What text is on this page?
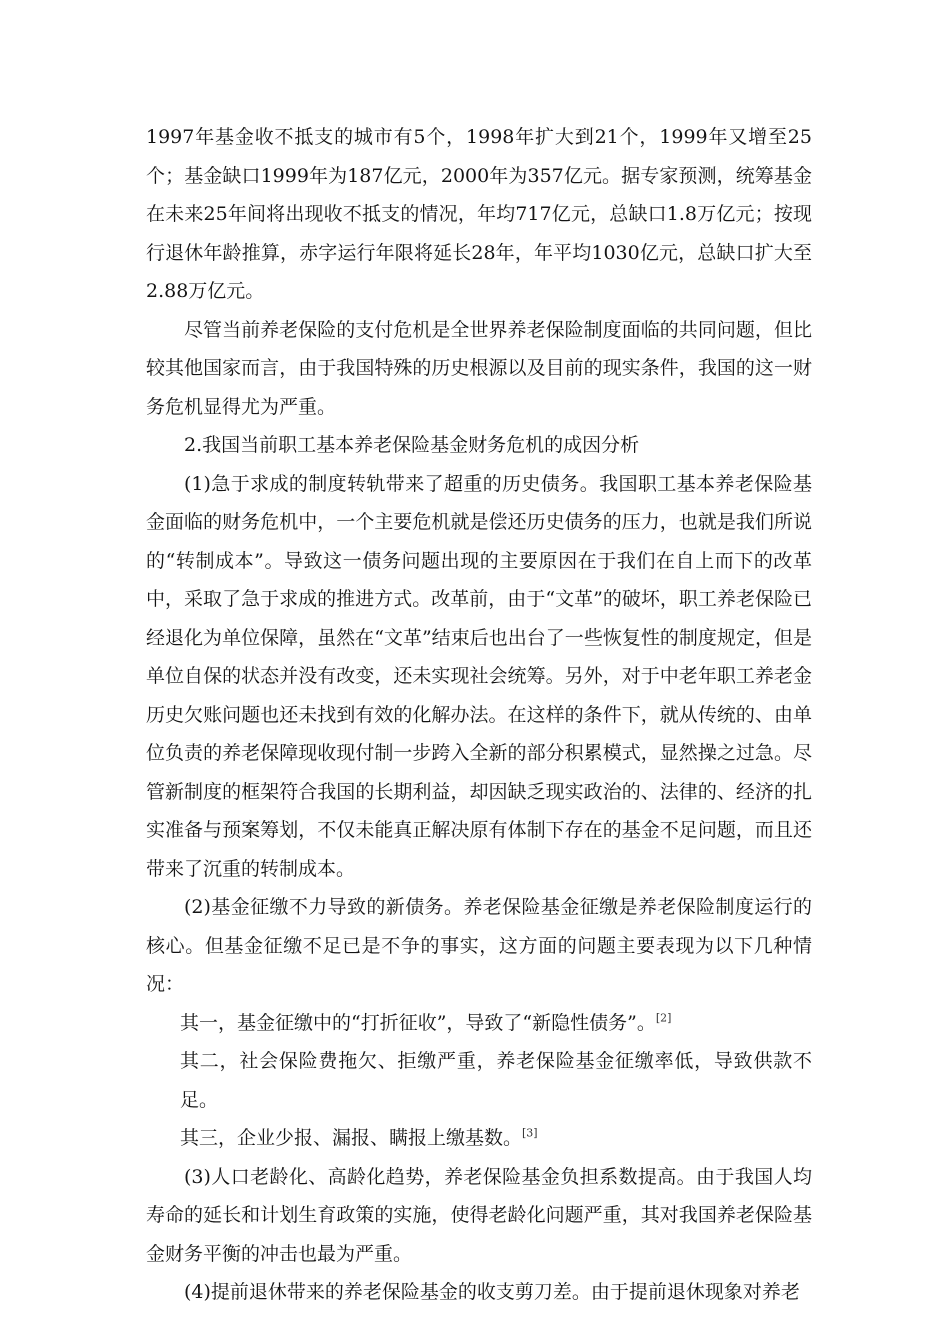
1997年基金收不抵支的城市有5个，1998年扩大到21个，1999年又增至25个；基金缺口1999年为187亿元，2000年为357亿元。据专家预测，统筹基金在未来25年间将出现收不抵支的情况，年均717亿元，总缺口1.8万亿元；按现行退休年龄推算，赤字运行年限将延长28年，年平均1030亿元，总缺口扩大至2.88万亿元。

尽管当前养老保险的支付危机是全世界养老保险制度面临的共同问题，但比较其他国家而言，由于我国特殊的历史根源以及目前的现实条件，我国的这一财务危机显得尤为严重。

2.我国当前职工基本养老保险基金财务危机的成因分析

(1)急于求成的制度转轨带来了超重的历史债务。我国职工基本养老保险基金面临的财务危机中，一个主要危机就是偿还历史债务的压力，也就是我们所说的“转制成本”。导致这一债务问题出现的主要原因在于我们在自上而下的改革中，采取了急于求成的推进方式。改革前，由于“文革”的破坏，职工养老保险已经退化为单位保障，虽然在“文革”结束后也出台了一些恢复性的制度规定，但是单位自保的状态并没有改变，还未实现社会统筹。另外，对于中老年职工养老金历史欠账问题也还未找到有效的化解办法。在这样的条件下，就从传统的、由单位负责的养老保障现收现付制一步跨入全新的部分积累模式，显然操之过急。尽管新制度的框架符合我国的长期利益，却因缺乏现实政治的、法律的、经济的扎实准备与预案筹划，不仅未能真正解决原有体制下存在的基金不足问题，而且还带来了沉重的转制成本。

(2)基金征缴不力导致的新债务。养老保险基金征缴是养老保险制度运行的核心。但基金征缴不足已是不争的事实，这方面的问题主要表现为以下几种情况：

其一，基金征缴中的“打折征收”，导致了“新隐性债务”。[2]

其二，社会保险费拖欠、拒缴严重，养老保险基金征缴率低，导致供款不足。

其三，企业少报、漏报、瞒报上缴基数。[3]

(3)人口老龄化、高龄化趋势，养老保险基金负担系数提高。由于我国人均寿命的延长和计划生育政策的实施，使得老龄化问题严重，其对我国养老保险基金财务平衡的冲击也最为严重。

(4)提前退休带来的养老保险基金的收支剪刀差。由于提前退休现象对养老
